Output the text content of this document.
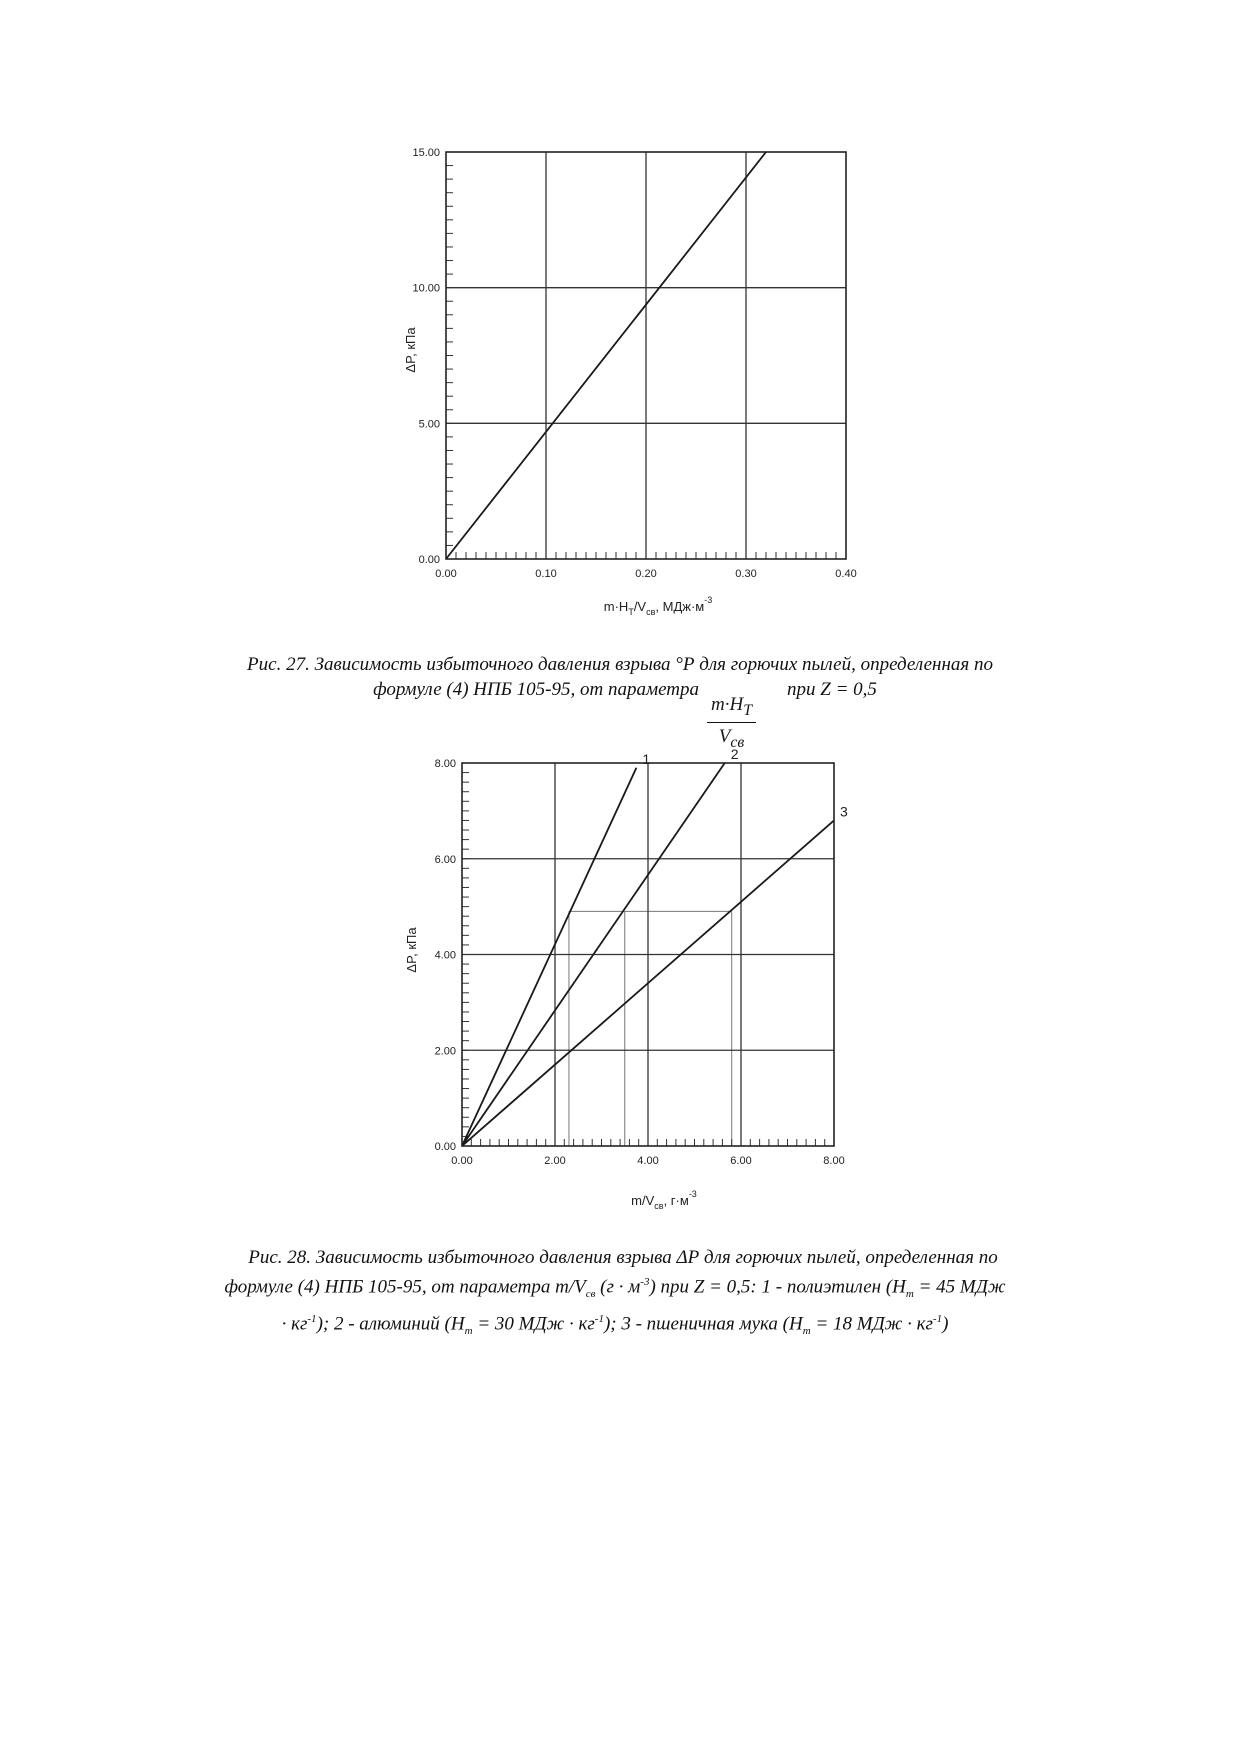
0.00	0.10	0.20	0.30	0.40
0.00
5.00
10.00
15.00
ΔP, кПа
$m\cdot H_T/V_{св}$, $МДж\cdot м^{-3}$
Рис. 27. Зависимость избыточного давления взрыва °Р для горючих пылей, определенная по
формуле (4) НПБ 105-95, от параметра	при Z = 0,5
$m\cdot H_T$
$V_{св}$
0.00	2.00	4.00	6.00	8.00
0.00
2.00
4.00
6.00
8.00	1	2
3
ΔP, кПа
$m/V_{св}$, $г\cdot м^{-3}$
Рис. 28. Зависимость избыточного давления взрыва ΔР для горючих пылей, определенная по
формуле (4) НПБ 105-95, от параметра $m/V_{св}$ $(г \cdot м^{-3})$ при Z = 0,5: 1 - полиэтилен ($Н_т = 45$ МДж
· $кг^{-1}$); 2 - алюминий ($Н_т = 30$ МДж · $кг^{-1}$); 3 - пшеничная мука ($Н_т = 18$ МДж · $кг^{-1}$)
